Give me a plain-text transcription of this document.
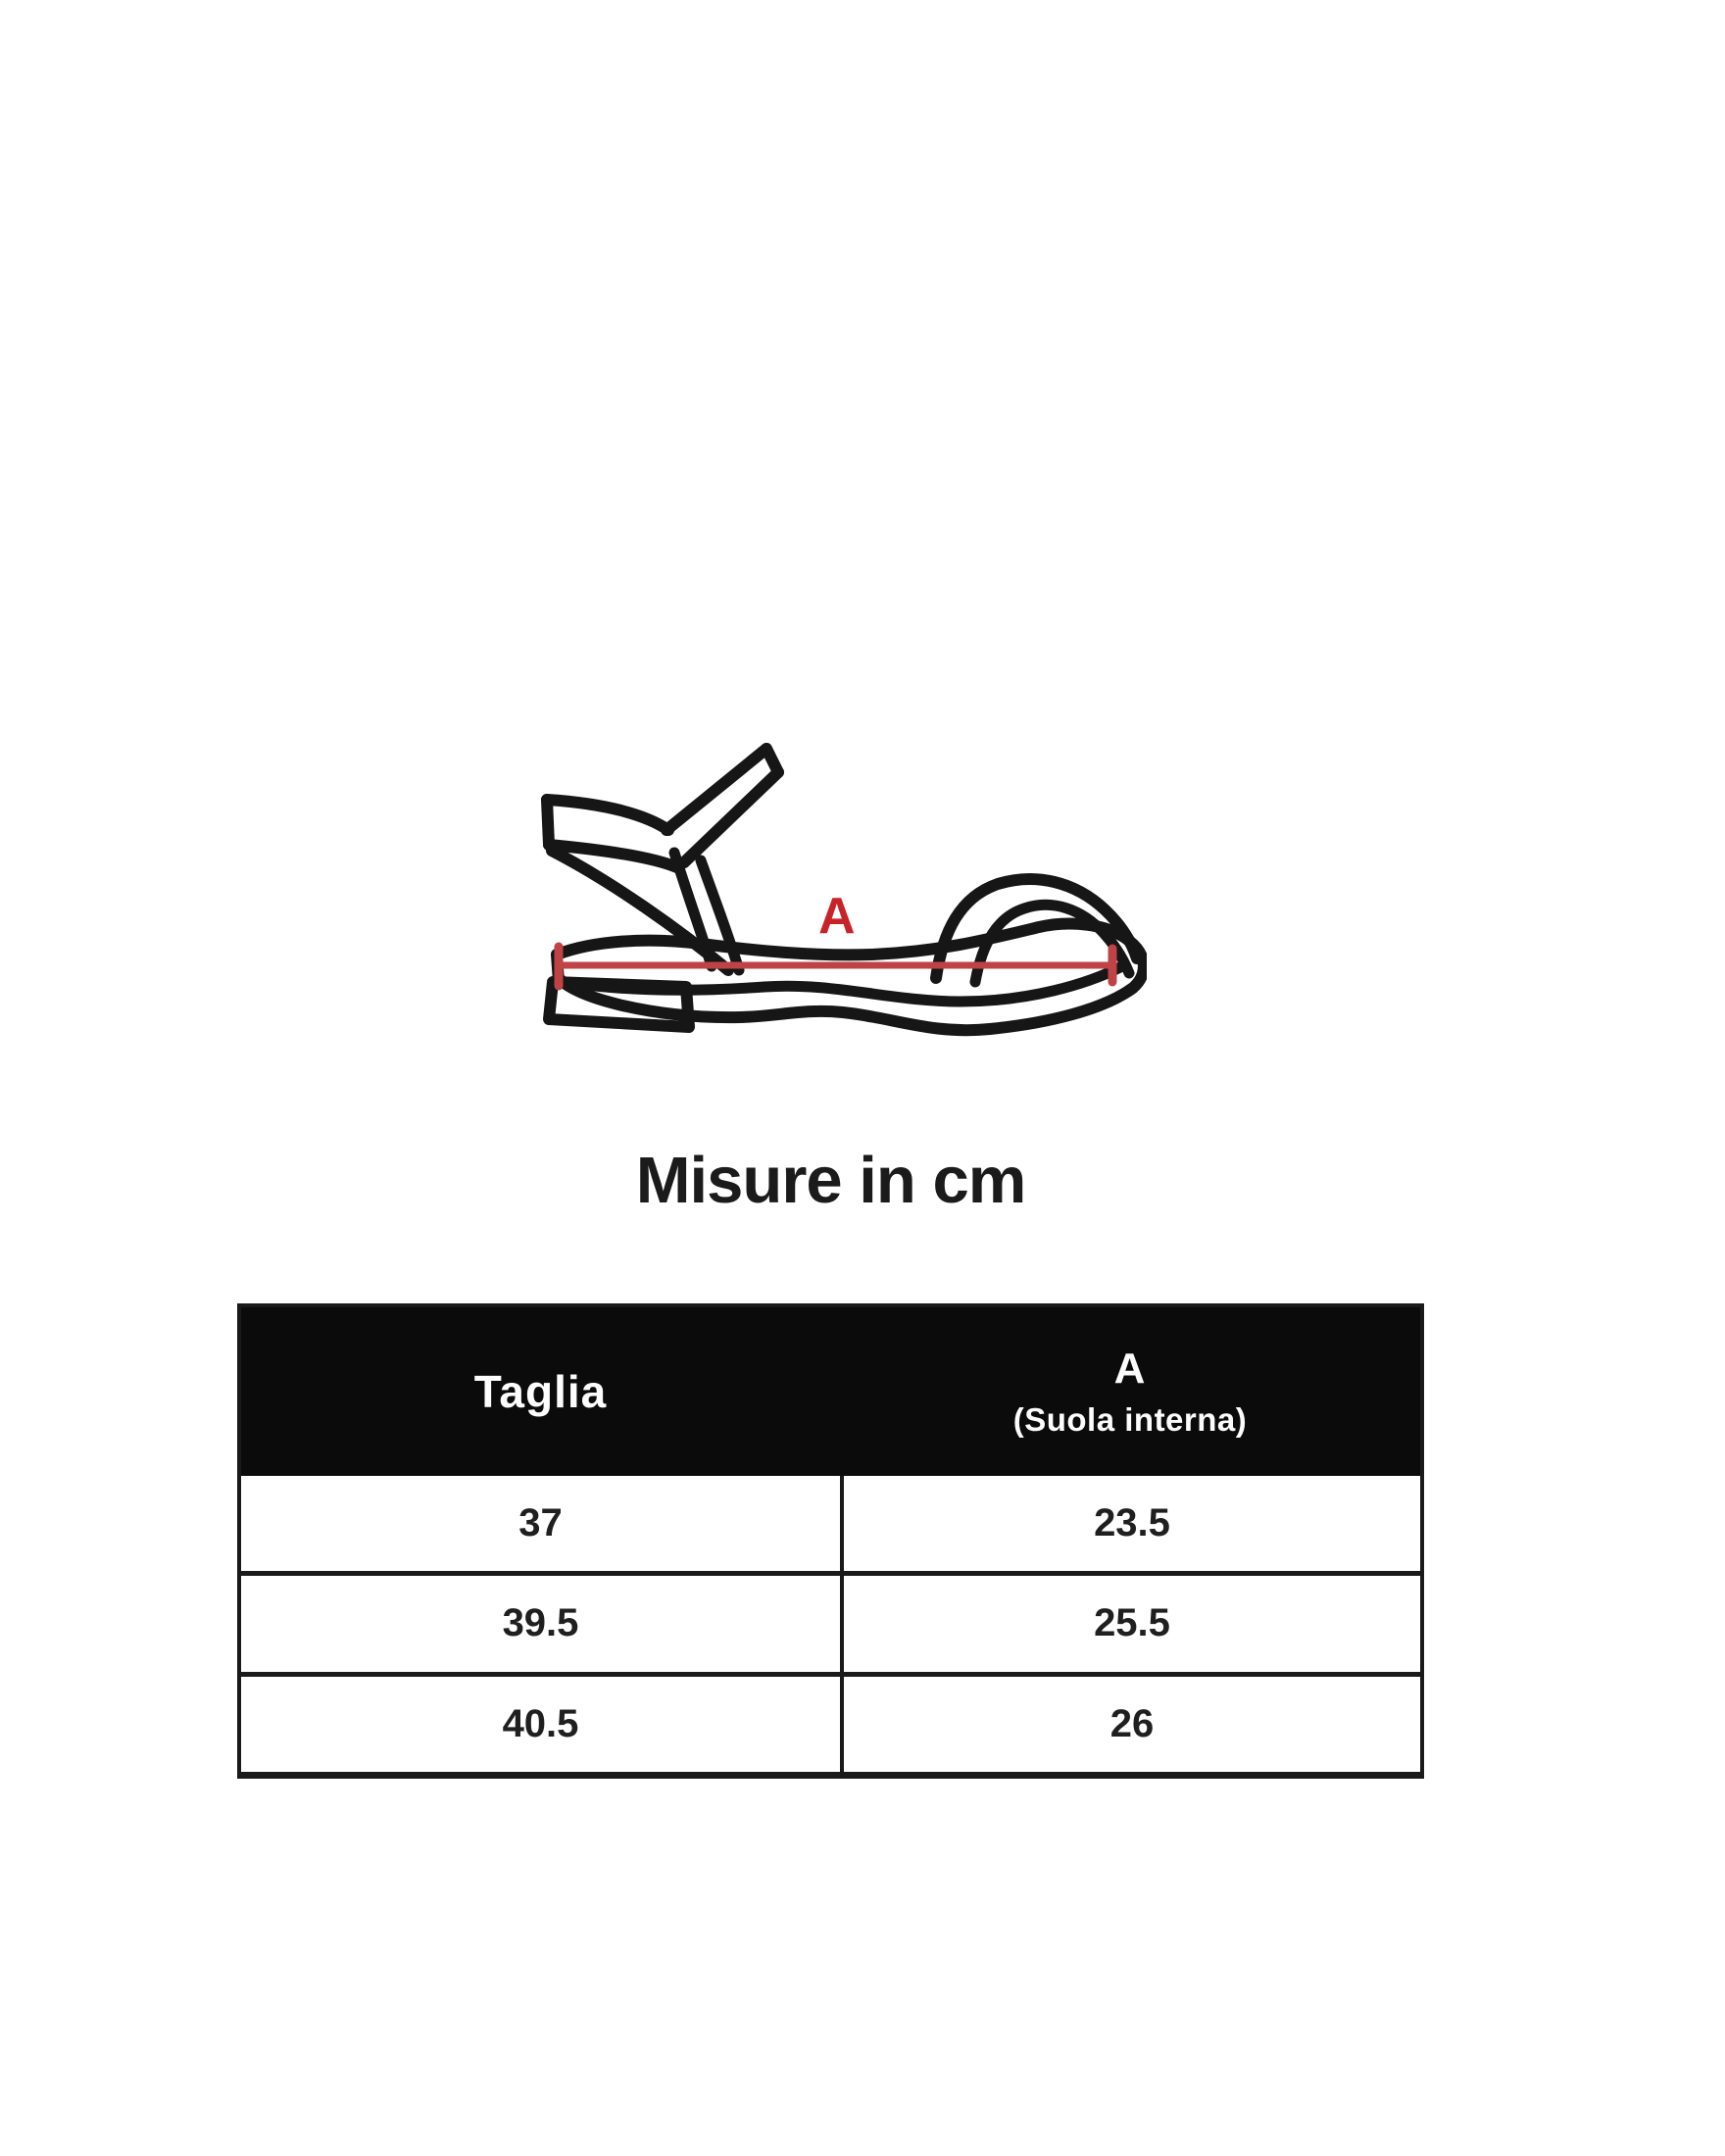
A
Misure in cm
Taglia	A
(Suola interna)
37	23.5
39.5	25.5
40.5	26
